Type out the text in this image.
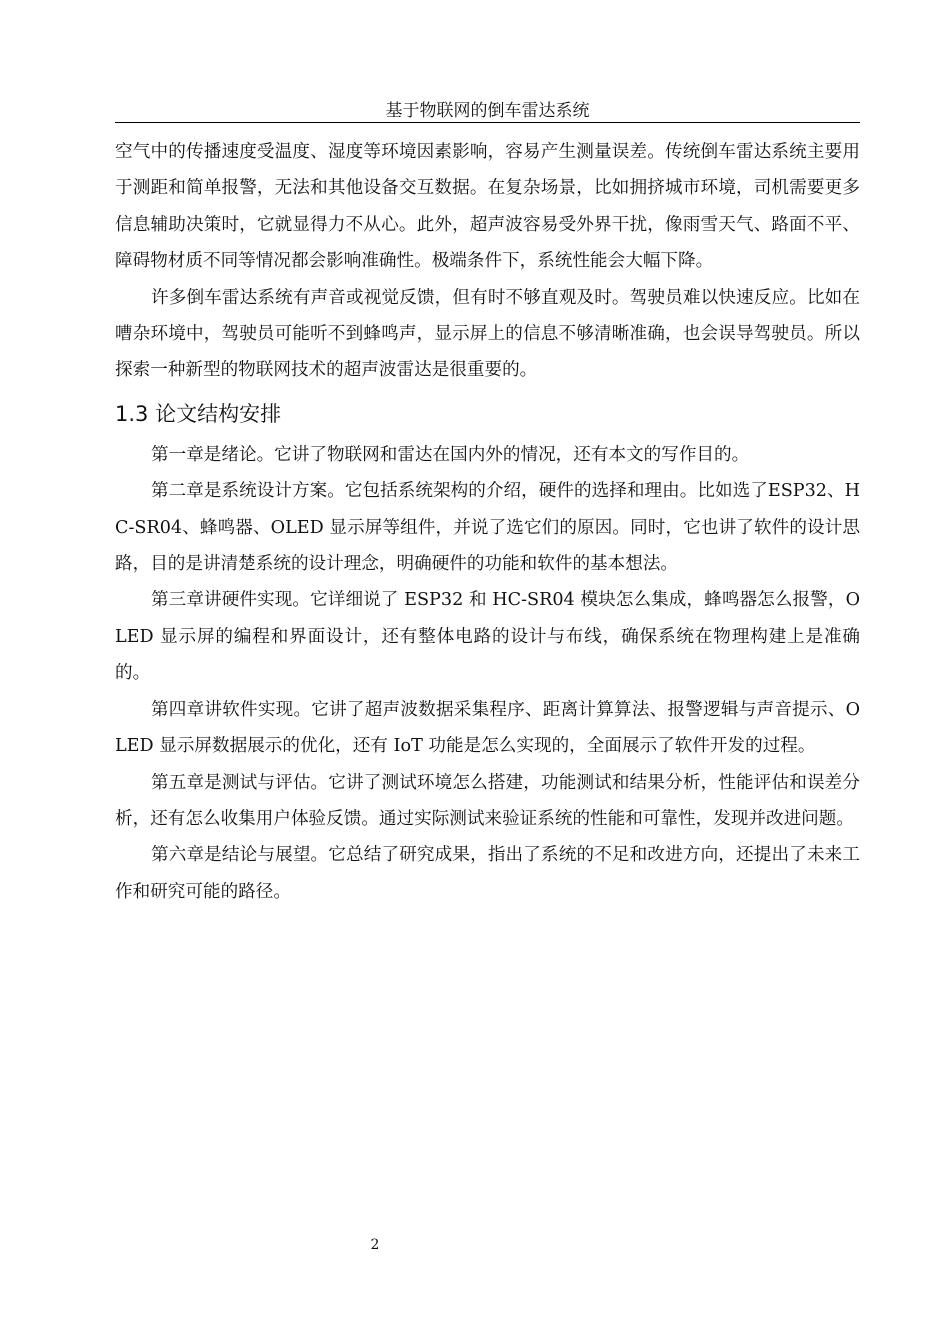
基于物联网的倒车雷达系统

空气中的传播速度受温度、湿度等环境因素影响，容易产生测量误差。传统倒车雷达系统主要用于测距和简单报警，无法和其他设备交互数据。在复杂场景，比如拥挤城市环境，司机需要更多信息辅助决策时，它就显得力不从心。此外，超声波容易受外界干扰，像雨雪天气、路面不平、障碍物材质不同等情况都会影响准确性。极端条件下，系统性能会大幅下降。

许多倒车雷达系统有声音或视觉反馈，但有时不够直观及时。驾驶员难以快速反应。比如在嘈杂环境中，驾驶员可能听不到蜂鸣声，显示屏上的信息不够清晰准确，也会误导驾驶员。所以探索一种新型的物联网技术的超声波雷达是很重要的。

1.3 论文结构安排

第一章是绪论。它讲了物联网和雷达在国内外的情况，还有本文的写作目的。

第二章是系统设计方案。它包括系统架构的介绍，硬件的选择和理由。比如选了ESP32、HC-SR04、蜂鸣器、OLED 显示屏等组件，并说了选它们的原因。同时，它也讲了软件的设计思路，目的是讲清楚系统的设计理念，明确硬件的功能和软件的基本想法。

第三章讲硬件实现。它详细说了 ESP32 和 HC-SR04 模块怎么集成，蜂鸣器怎么报警，OLED 显示屏的编程和界面设计，还有整体电路的设计与布线，确保系统在物理构建上是准确的。

第四章讲软件实现。它讲了超声波数据采集程序、距离计算算法、报警逻辑与声音提示、OLED 显示屏数据展示的优化，还有 IoT 功能是怎么实现的，全面展示了软件开发的过程。

第五章是测试与评估。它讲了测试环境怎么搭建，功能测试和结果分析，性能评估和误差分析，还有怎么收集用户体验反馈。通过实际测试来验证系统的性能和可靠性，发现并改进问题。

第六章是结论与展望。它总结了研究成果，指出了系统的不足和改进方向，还提出了未来工作和研究可能的路径。

2
